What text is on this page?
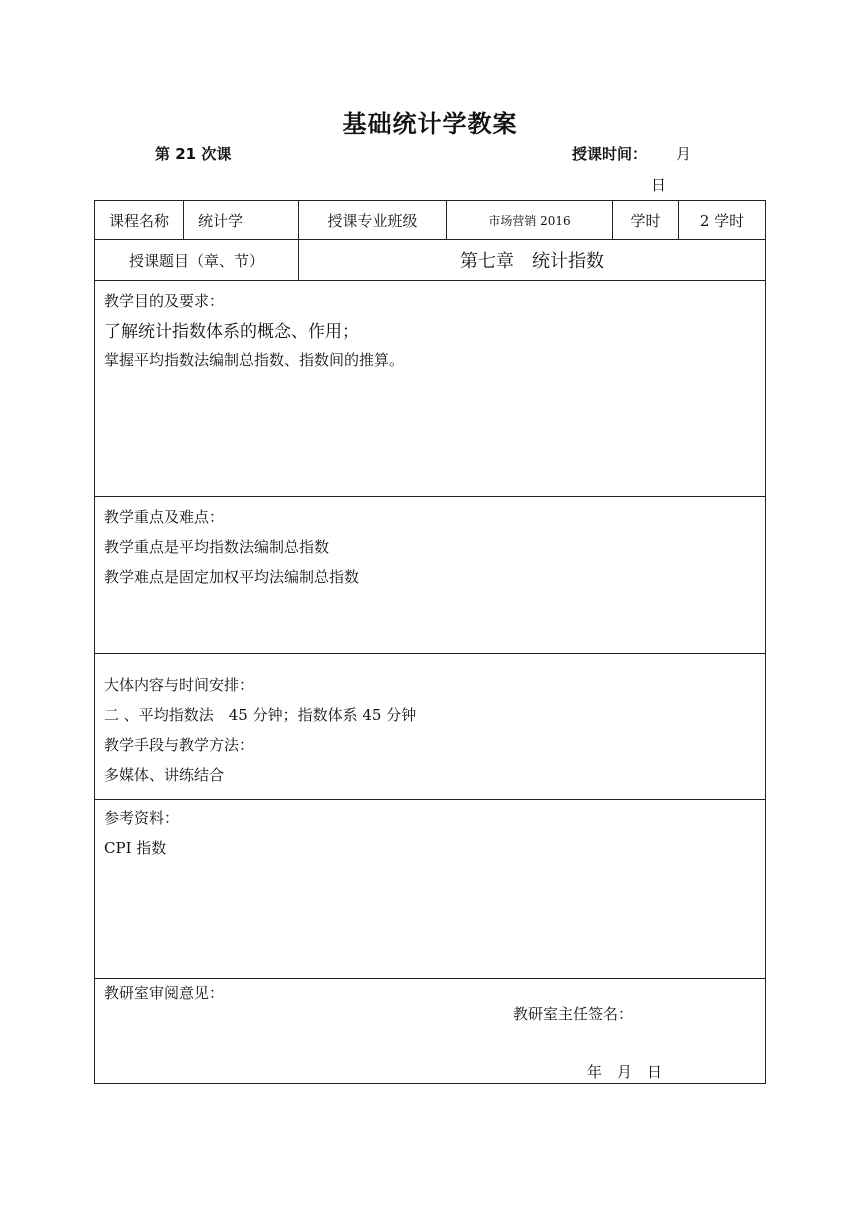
基础统计学教案
第 21 次课	授课时间： 月
日
课程名称	统计学	授课专业班级	市场营销 2016	学时	2 学时
授课题目（章、节）	第七章　统计指数
教学目的及要求：
了解统计指数体系的概念、作用；
掌握平均指数法编制总指数、指数间的推算。
教学重点及难点：
教学重点是平均指数法编制总指数
教学难点是固定加权平均法编制总指数
大体内容与时间安排：
二 、平均指数法　45 分钟；指数体系 45 分钟
教学手段与教学方法：
多媒体、讲练结合
参考资料：
CPI 指数
教研室审阅意见：
教研室主任签名：
年　月　日
